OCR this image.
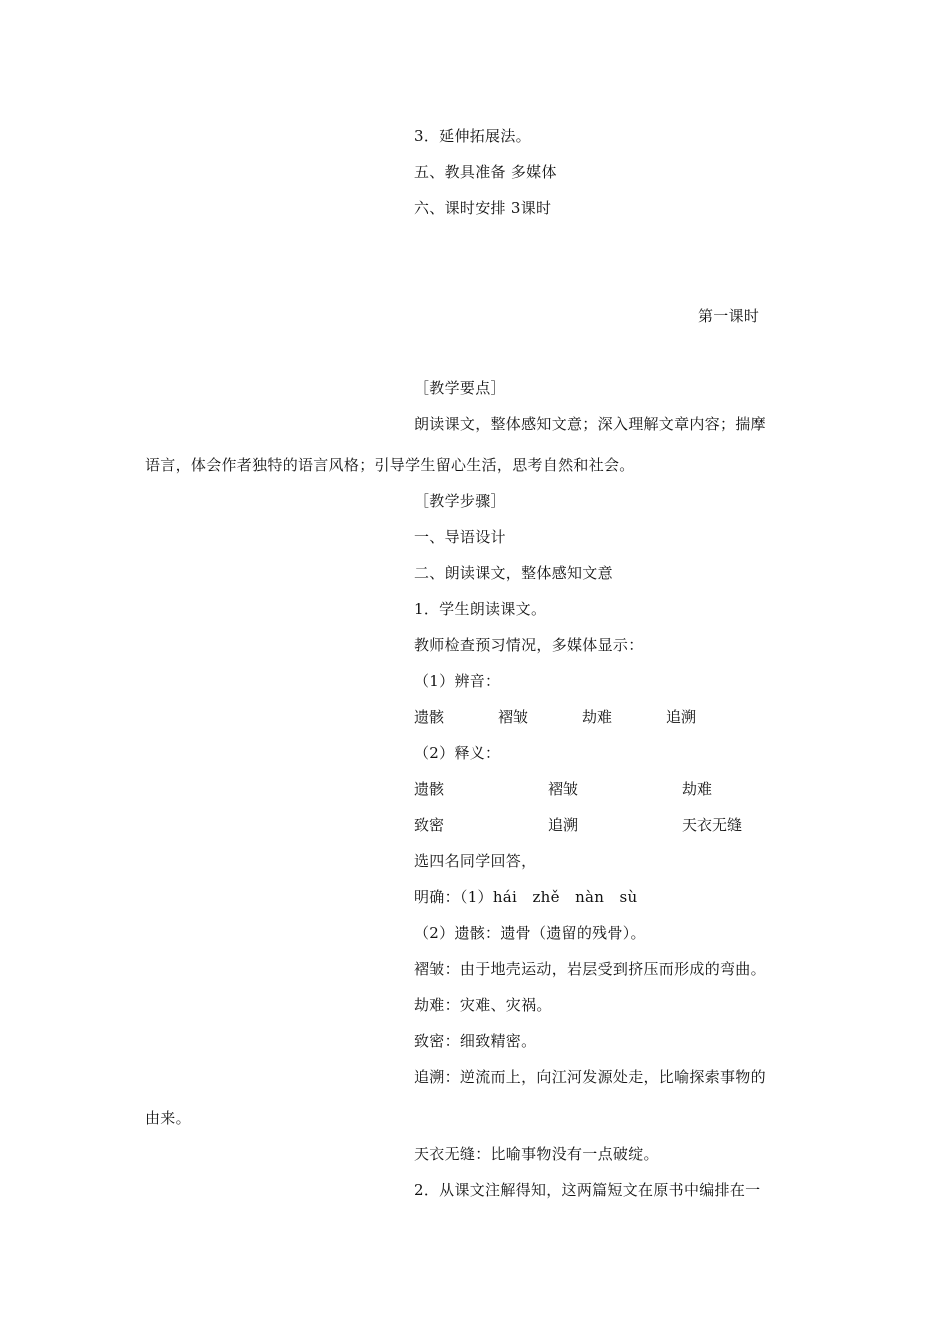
3．延伸拓展法。
五、教具准备 多媒体
六、课时安排 3课时
第一课时
［教学要点］
朗读课文，整体感知文意；深入理解文章内容；揣摩
语言，体会作者独特的语言风格；引导学生留心生活，思考自然和社会。
［教学步骤］
一、导语设计
二、朗读课文，整体感知文意
1．学生朗读课文。
教师检查预习情况，多媒体显示：
（1）辨音：
遗骸	褶皱	劫难	追溯
（2）释义：
遗骸	褶皱	劫难
致密	追溯	天衣无缝
选四名同学回答，
明确：（1）hái　zhě　nàn　sù
（2）遗骸：遗骨（遗留的残骨）。
褶皱：由于地壳运动，岩层受到挤压而形成的弯曲。
劫难：灾难、灾祸。
致密：细致精密。
追溯：逆流而上，向江河发源处走，比喻探索事物的
由来。
天衣无缝：比喻事物没有一点破绽。
2．从课文注解得知，这两篇短文在原书中编排在一
